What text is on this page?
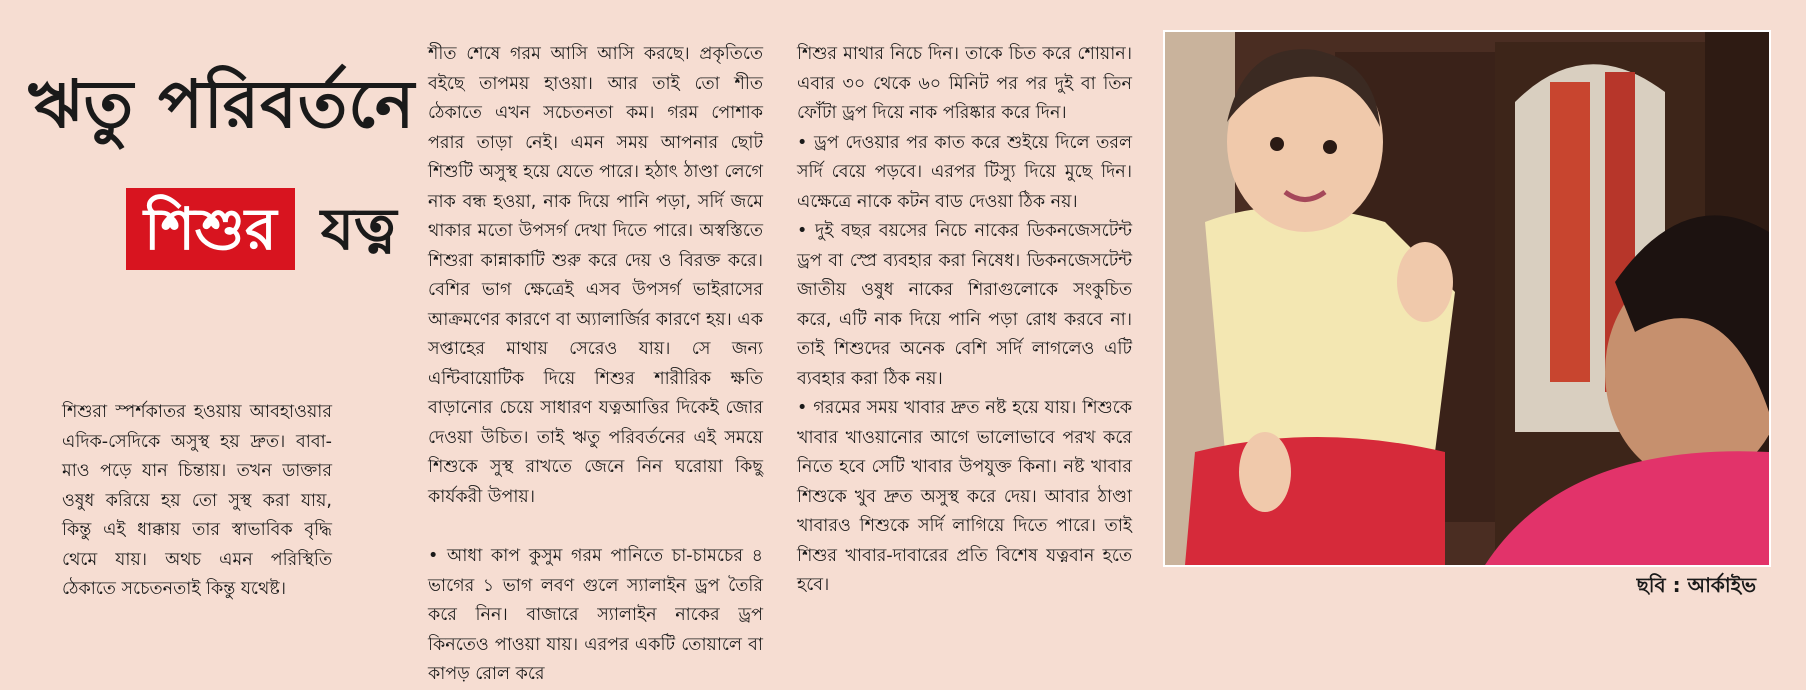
ঋতু পরিবর্তনে
শিশুর যত্ন

শিশুরা স্পর্শকাতর হওয়ায় আবহাওয়ার এদিক-সেদিকে অসুস্থ হয় দ্রুত। বাবা-মাও পড়ে যান চিন্তায়। তখন ডাক্তার ওষুধ করিয়ে হয় তো সুস্থ করা যায়, কিন্তু এই ধাক্কায় তার স্বাভাবিক বৃদ্ধি থেমে যায়। অথচ এমন পরিস্থিতি ঠেকাতে সচেতনতাই কিন্তু যথেষ্ট।

শীত শেষে গরম আসি আসি করছে। প্রকৃতিতে বইছে তাপময় হাওয়া। আর তাই তো শীত ঠেকাতে এখন সচেতনতা কম। গরম পোশাক পরার তাড়া নেই। এমন সময় আপনার ছোট শিশুটি অসুস্থ হয়ে যেতে পারে। হঠাৎ ঠাণ্ডা লেগে নাক বন্ধ হওয়া, নাক দিয়ে পানি পড়া, সর্দি জমে থাকার মতো উপসর্গ দেখা দিতে পারে। অস্বস্তিতে শিশুরা কান্নাকাটি শুরু করে দেয় ও বিরক্ত করে। বেশির ভাগ ক্ষেত্রেই এসব উপসর্গ ভাইরাসের আক্রমণের কারণে বা অ্যালার্জির কারণে হয়। এক সপ্তাহের মাথায় সেরেও যায়। সে জন্য এন্টিবায়োটিক দিয়ে শিশুর শারীরিক ক্ষতি বাড়ানোর চেয়ে সাধারণ যত্নআত্তির দিকেই জোর দেওয়া উচিত। তাই ঋতু পরিবর্তনের এই সময়ে শিশুকে সুস্থ রাখতে জেনে নিন ঘরোয়া কিছু কার্যকরী উপায়।

• আধা কাপ কুসুম গরম পানিতে চা-চামচের ৪ ভাগের ১ ভাগ লবণ গুলে স্যালাইন ড্রপ তৈরি করে নিন। বাজারে স্যালাইন নাকের ড্রপ কিনতেও পাওয়া যায়। এরপর একটি তোয়ালে বা কাপড় রোল করে

শিশুর মাথার নিচে দিন। তাকে চিত করে শোয়ান। এবার ৩০ থেকে ৬০ মিনিট পর পর দুই বা তিন ফোঁটা ড্রপ দিয়ে নাক পরিষ্কার করে দিন।

• ড্রপ দেওয়ার পর কাত করে শুইয়ে দিলে তরল সর্দি বেয়ে পড়বে। এরপর টিস্যু দিয়ে মুছে দিন। এক্ষেত্রে নাকে কটন বাড দেওয়া ঠিক নয়।

• দুই বছর বয়সের নিচে নাকের ডিকনজেসটেন্ট ড্রপ বা স্প্রে ব্যবহার করা নিষেধ। ডিকনজেসটেন্ট জাতীয় ওষুধ নাকের শিরাগুলোকে সংকুচিত করে, এটি নাক দিয়ে পানি পড়া রোধ করবে না। তাই শিশুদের অনেক বেশি সর্দি লাগলেও এটি ব্যবহার করা ঠিক নয়।

• গরমের সময় খাবার দ্রুত নষ্ট হয়ে যায়। শিশুকে খাবার খাওয়ানোর আগে ভালোভাবে পরখ করে নিতে হবে সেটি খাবার উপযুক্ত কিনা। নষ্ট খাবার শিশুকে খুব দ্রুত অসুস্থ করে দেয়। আবার ঠাণ্ডা খাবারও শিশুকে সর্দি লাগিয়ে দিতে পারে। তাই শিশুর খাবার-দাবারের প্রতি বিশেষ যত্নবান হতে হবে।	ছবি : আর্কাইভ
